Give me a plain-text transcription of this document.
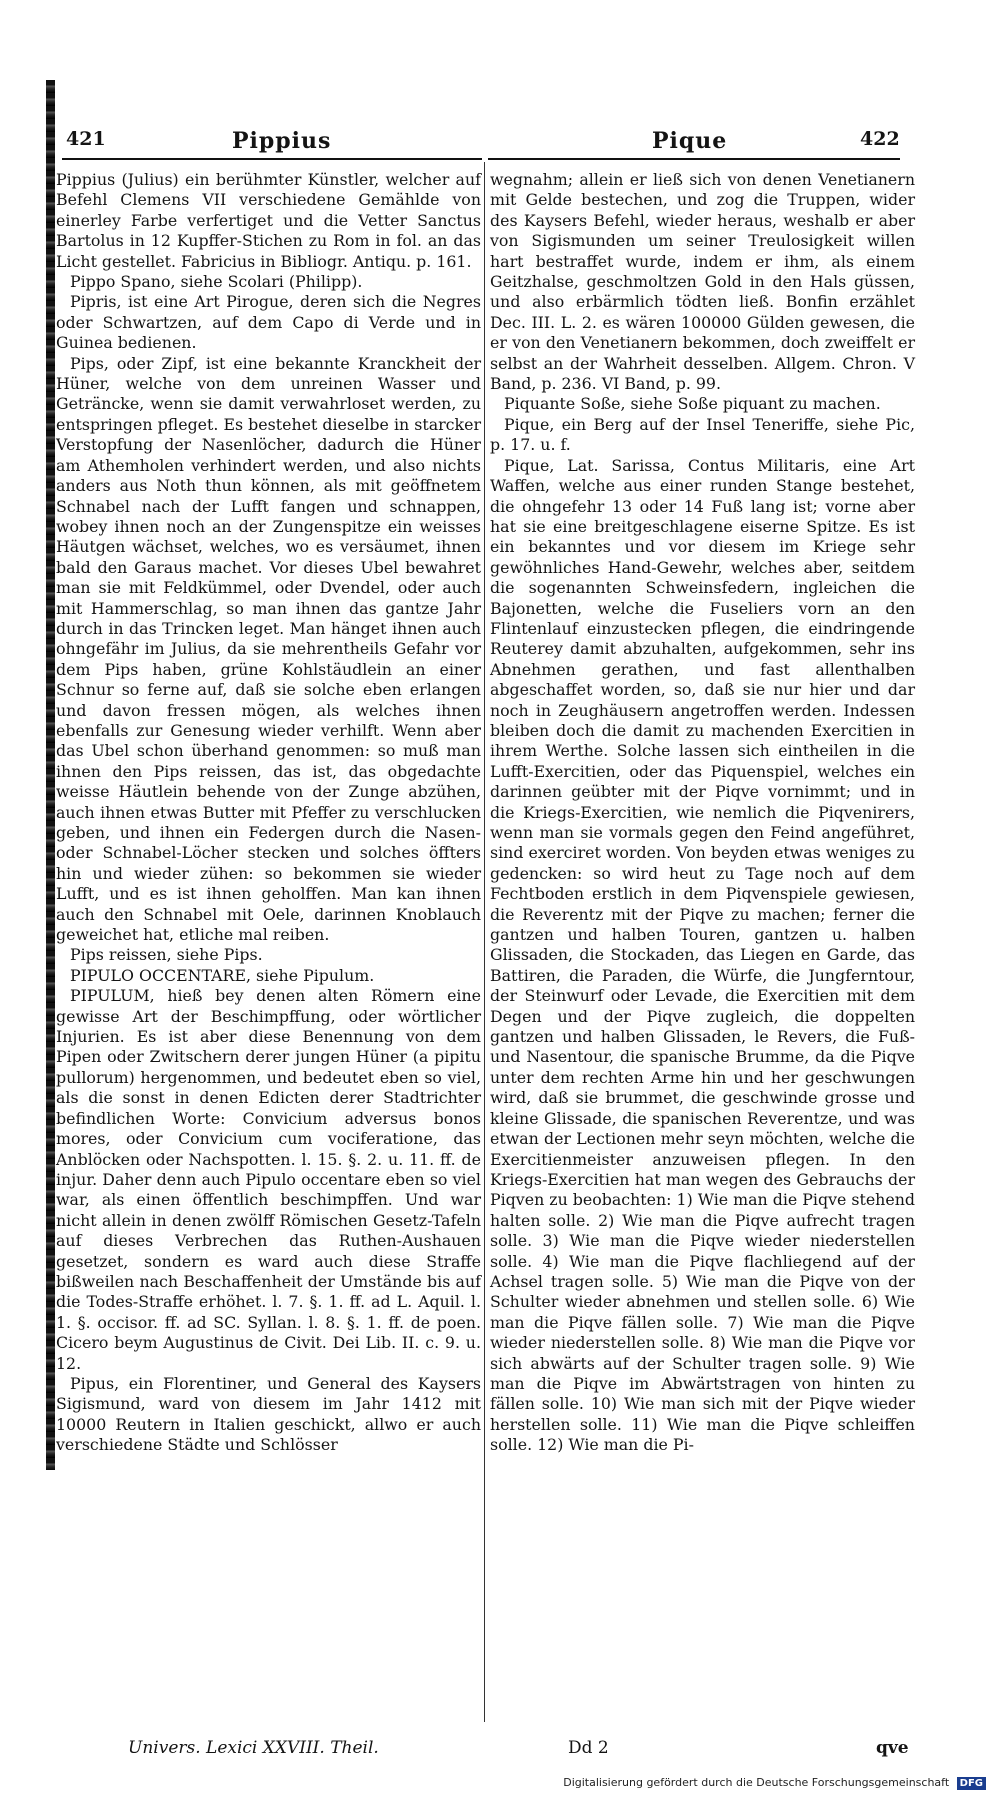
421	Pippius	Pique	422

Pippius (Julius) ein berühmter Künstler, welcher auf Befehl Clemens VII verschiedene Gemählde von einerley Farbe verfertiget und die Vetter Sanctus Bartolus in 12 Kupffer-Stichen zu Rom in fol. an das Licht gestellet. Fabricius in Bibliogr. Antiqu. p. 161.

Pippo Spano, siehe Scolari (Philipp).

Pipris, ist eine Art Pirogue, deren sich die Negres oder Schwartzen, auf dem Capo di Verde und in Guinea bedienen.

Pips, oder Zipf, ist eine bekannte Kranckheit der Hüner, welche von dem unreinen Wasser und Geträncke, wenn sie damit verwahrloset werden, zu entspringen pfleget. Es bestehet dieselbe in starcker Verstopfung der Nasenlöcher, dadurch die Hüner am Athemholen verhindert werden, und also nichts anders aus Noth thun können, als mit geöffnetem Schnabel nach der Lufft fangen und schnappen, wobey ihnen noch an der Zungenspitze ein weisses Häutgen wächset, welches, wo es versäumet, ihnen bald den Garaus machet. Vor dieses Ubel bewahret man sie mit Feldkümmel, oder Dvendel, oder auch mit Hammerschlag, so man ihnen das gantze Jahr durch in das Trincken leget. Man hänget ihnen auch ohngefähr im Julius, da sie mehrentheils Gefahr vor dem Pips haben, grüne Kohlstäudlein an einer Schnur so ferne auf, daß sie solche eben erlangen und davon fressen mögen, als welches ihnen ebenfalls zur Genesung wieder verhilft. Wenn aber das Ubel schon überhand genommen: so muß man ihnen den Pips reissen, das ist, das obgedachte weisse Häutlein behende von der Zunge abzühen, auch ihnen etwas Butter mit Pfeffer zu verschlucken geben, und ihnen ein Federgen durch die Nasen- oder Schnabel-Löcher stecken und solches öffters hin und wieder zühen: so bekommen sie wieder Lufft, und es ist ihnen geholffen. Man kan ihnen auch den Schnabel mit Oele, darinnen Knoblauch geweichet hat, etliche mal reiben.

Pips reissen, siehe Pips.

PIPULO OCCENTARE, siehe Pipulum.

PIPULUM, hieß bey denen alten Römern eine gewisse Art der Beschimpffung, oder wörtlicher Injurien. Es ist aber diese Benennung von dem Pipen oder Zwitschern derer jungen Hüner (a pipitu pullorum) hergenommen, und bedeutet eben so viel, als die sonst in denen Edicten derer Stadtrichter befindlichen Worte: Convicium adversus bonos mores, oder Convicium cum vociferatione, das Anblöcken oder Nachspotten. l. 15. §. 2. u. 11. ff. de injur. Daher denn auch Pipulo occentare eben so viel war, als einen öffentlich beschimpffen. Und war nicht allein in denen zwölff Römischen Gesetz-Tafeln auf dieses Verbrechen das Ruthen-Aushauen gesetzet, sondern es ward auch diese Straffe bißweilen nach Beschaffenheit der Umstände bis auf die Todes-Straffe erhöhet. l. 7. §. 1. ff. ad L. Aquil. l. 1. §. occisor. ff. ad SC. Syllan. l. 8. §. 1. ff. de poen. Cicero beym Augustinus de Civit. Dei Lib. II. c. 9. u. 12.

Pipus, ein Florentiner, und General des Kaysers Sigismund, ward von diesem im Jahr 1412 mit 10000 Reutern in Italien geschickt, allwo er auch verschiedene Städte und Schlösser

wegnahm; allein er ließ sich von denen Venetianern mit Gelde bestechen, und zog die Truppen, wider des Kaysers Befehl, wieder heraus, weshalb er aber von Sigismunden um seiner Treulosigkeit willen hart bestraffet wurde, indem er ihm, als einem Geitzhalse, geschmoltzen Gold in den Hals güssen, und also erbärmlich tödten ließ. Bonfin erzählet Dec. III. L. 2. es wären 100000 Gülden gewesen, die er von den Venetianern bekommen, doch zweiffelt er selbst an der Wahrheit desselben. Allgem. Chron. V Band, p. 236. VI Band, p. 99.

Piquante Soße, siehe Soße piquant zu machen.

Pique, ein Berg auf der Insel Teneriffe, siehe Pic, p. 17. u. f.

Pique, Lat. Sarissa, Contus Militaris, eine Art Waffen, welche aus einer runden Stange bestehet, die ohngefehr 13 oder 14 Fuß lang ist; vorne aber hat sie eine breitgeschlagene eiserne Spitze. Es ist ein bekanntes und vor diesem im Kriege sehr gewöhnliches Hand-Gewehr, welches aber, seitdem die sogenannten Schweinsfedern, ingleichen die Bajonetten, welche die Fuseliers vorn an den Flintenlauf einzustecken pflegen, die eindringende Reuterey damit abzuhalten, aufgekommen, sehr ins Abnehmen gerathen, und fast allenthalben abgeschaffet worden, so, daß sie nur hier und dar noch in Zeughäusern angetroffen werden. Indessen bleiben doch die damit zu machenden Exercitien in ihrem Werthe. Solche lassen sich eintheilen in die Lufft-Exercitien, oder das Piquenspiel, welches ein darinnen geübter mit der Piqve vornimmt; und in die Kriegs-Exercitien, wie nemlich die Piqvenirers, wenn man sie vormals gegen den Feind angeführet, sind exerciret worden. Von beyden etwas weniges zu gedencken: so wird heut zu Tage noch auf dem Fechtboden erstlich in dem Piqvenspiele gewiesen, die Reverentz mit der Piqve zu machen; ferner die gantzen und halben Touren, gantzen u. halben Glissaden, die Stockaden, das Liegen en Garde, das Battiren, die Paraden, die Würfe, die Jungferntour, der Steinwurf oder Levade, die Exercitien mit dem Degen und der Piqve zugleich, die doppelten gantzen und halben Glissaden, le Revers, die Fuß- und Nasentour, die spanische Brumme, da die Piqve unter dem rechten Arme hin und her geschwungen wird, daß sie brummet, die geschwinde grosse und kleine Glissade, die spanischen Reverentze, und was etwan der Lectionen mehr seyn möchten, welche die Exercitienmeister anzuweisen pflegen. In den Kriegs-Exercitien hat man wegen des Gebrauchs der Piqven zu beobachten: 1) Wie man die Piqve stehend halten solle. 2) Wie man die Piqve aufrecht tragen solle. 3) Wie man die Piqve wieder niederstellen solle. 4) Wie man die Piqve flachliegend auf der Achsel tragen solle. 5) Wie man die Piqve von der Schulter wieder abnehmen und stellen solle. 6) Wie man die Piqve fällen solle. 7) Wie man die Piqve wieder niederstellen solle. 8) Wie man die Piqve vor sich abwärts auf der Schulter tragen solle. 9) Wie man die Piqve im Abwärtstragen von hinten zu fällen solle. 10) Wie man sich mit der Piqve wieder herstellen solle. 11) Wie man die Piqve schleiffen solle. 12) Wie man die Pi-

Univers. Lexici XXVIII. Theil.	Dd 2	qve
Digitalisierung gefördert durch die Deutsche Forschungsgemeinschaft DFG
